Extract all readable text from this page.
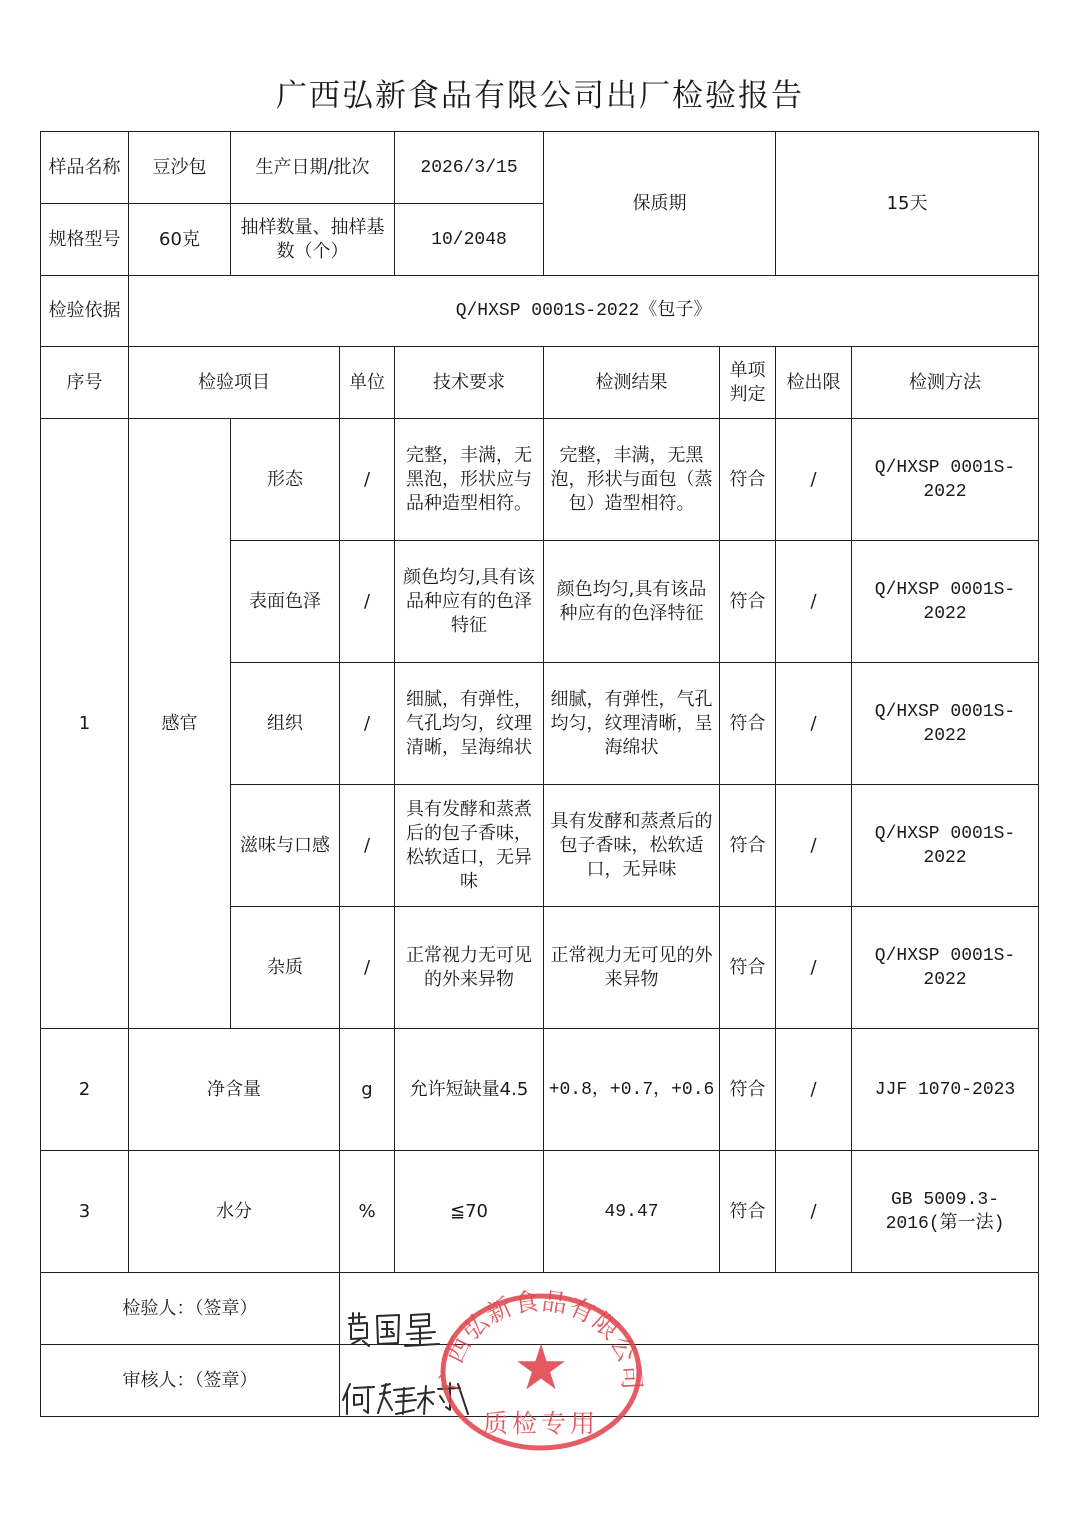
广西弘新食品有限公司出厂检验报告
样品名称	豆沙包	生产日期/批次		2026/3/15	保质期		15天	
规格型号	60克	抽样数量、抽样基数（个）		10/2048				
检验依据	Q/HXSP 0001S-2022《包子》							
序号	检验项目		单位	技术要求	检测结果	单项判定	检出限	检测方法
1	感官	形态	/	完整，丰满，无黑泡，形状应与品种造型相符。	完整，丰满，无黑泡，形状与面包（蒸包）造型相符。	符合	/	Q/HXSP 0001S-2022
		表面色泽	/	颜色均匀,具有该品种应有的色泽特征	颜色均匀,具有该品种应有的色泽特征	符合	/	Q/HXSP 0001S-2022
		组织	/	细腻，有弹性，气孔均匀，纹理清晰，呈海绵状	细腻，有弹性，气孔均匀，纹理清晰，呈海绵状	符合	/	Q/HXSP 0001S-2022
		滋味与口感	/	具有发酵和蒸煮后的包子香味，松软适口，无异味	具有发酵和蒸煮后的包子香味，松软适口，无异味	符合	/	Q/HXSP 0001S-2022
		杂质	/	正常视力无可见的外来异物	正常视力无可见的外来异物	符合	/	Q/HXSP 0001S-2022
2	净含量		g	允许短缺量4.5	+0.8，+0.7，+0.6	符合	/	JJF 1070-2023
3	水分		%	≦70	49.47	符合	/	GB 5009.3-2016(第一法)
检验人：（签章）								
审核人：（签章）									广西弘新食品有限公司
质检专用
